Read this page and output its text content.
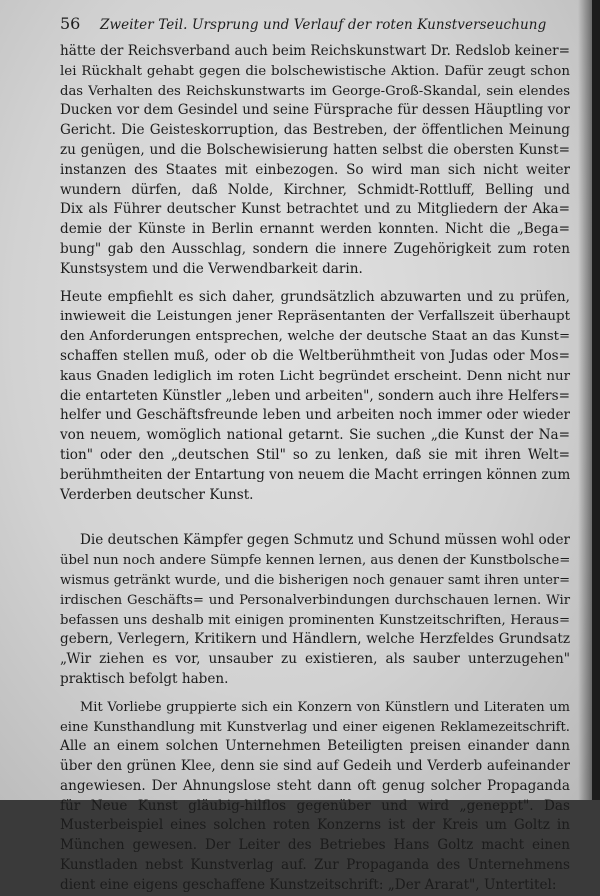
56	Zweiter Teil. Ursprung und Verlauf der roten Kunstverseuchung
hätte der Reichsverband auch beim Reichskunstwart Dr. Redslob keiner=
lei Rückhalt gehabt gegen die bolschewistische Aktion. Dafür zeugt schon
das Verhalten des Reichskunstwarts im George-Groß-Skandal, sein elendes
Ducken vor dem Gesindel und seine Fürsprache für dessen Häuptling vor
Gericht. Die Geisteskorruption, das Bestreben, der öffentlichen Meinung
zu genügen, und die Bolschewisierung hatten selbst die obersten Kunst=
instanzen des Staates mit einbezogen. So wird man sich nicht weiter
wundern dürfen, daß Nolde, Kirchner, Schmidt-Rottluff, Belling und
Dix als Führer deutscher Kunst betrachtet und zu Mitgliedern der Aka=
demie der Künste in Berlin ernannt werden konnten. Nicht die „Bega=
bung" gab den Ausschlag, sondern die innere Zugehörigkeit zum roten
Kunstsystem und die Verwendbarkeit darin.
Heute empfiehlt es sich daher, grundsätzlich abzuwarten und zu prüfen,
inwieweit die Leistungen jener Repräsentanten der Verfallszeit überhaupt
den Anforderungen entsprechen, welche der deutsche Staat an das Kunst=
schaffen stellen muß, oder ob die Weltberühmtheit von Judas oder Mos=
kaus Gnaden lediglich im roten Licht begründet erscheint. Denn nicht nur
die entarteten Künstler „leben und arbeiten", sondern auch ihre Helfers=
helfer und Geschäftsfreunde leben und arbeiten noch immer oder wieder
von neuem, womöglich national getarnt. Sie suchen „die Kunst der Na=
tion" oder den „deutschen Stil" so zu lenken, daß sie mit ihren Welt=
berühmtheiten der Entartung von neuem die Macht erringen können zum
Verderben deutscher Kunst.
Die deutschen Kämpfer gegen Schmutz und Schund müssen wohl oder
übel nun noch andere Sümpfe kennen lernen, aus denen der Kunstbolsche=
wismus getränkt wurde, und die bisherigen noch genauer samt ihren unter=
irdischen Geschäfts= und Personalverbindungen durchschauen lernen. Wir
befassen uns deshalb mit einigen prominenten Kunstzeitschriften, Heraus=
gebern, Verlegern, Kritikern und Händlern, welche Herzfeldes Grundsatz
„Wir ziehen es vor, unsauber zu existieren, als sauber unterzugehen"
praktisch befolgt haben.
Mit Vorliebe gruppierte sich ein Konzern von Künstlern und Literaten um
eine Kunsthandlung mit Kunstverlag und einer eigenen Reklamezeitschrift.
Alle an einem solchen Unternehmen Beteiligten preisen einander dann
über den grünen Klee, denn sie sind auf Gedeih und Verderb aufeinander
angewiesen. Der Ahnungslose steht dann oft genug solcher Propaganda
für Neue Kunst gläubig-hilflos gegenüber und wird „geneppt". Das
Musterbeispiel eines solchen roten Konzerns ist der Kreis um Goltz in
München gewesen. Der Leiter des Betriebes Hans Goltz macht einen
Kunstladen nebst Kunstverlag auf. Zur Propaganda des Unternehmens
dient eine eigens geschaffene Kunstzeitschrift: „Der Ararat", Untertitel:
